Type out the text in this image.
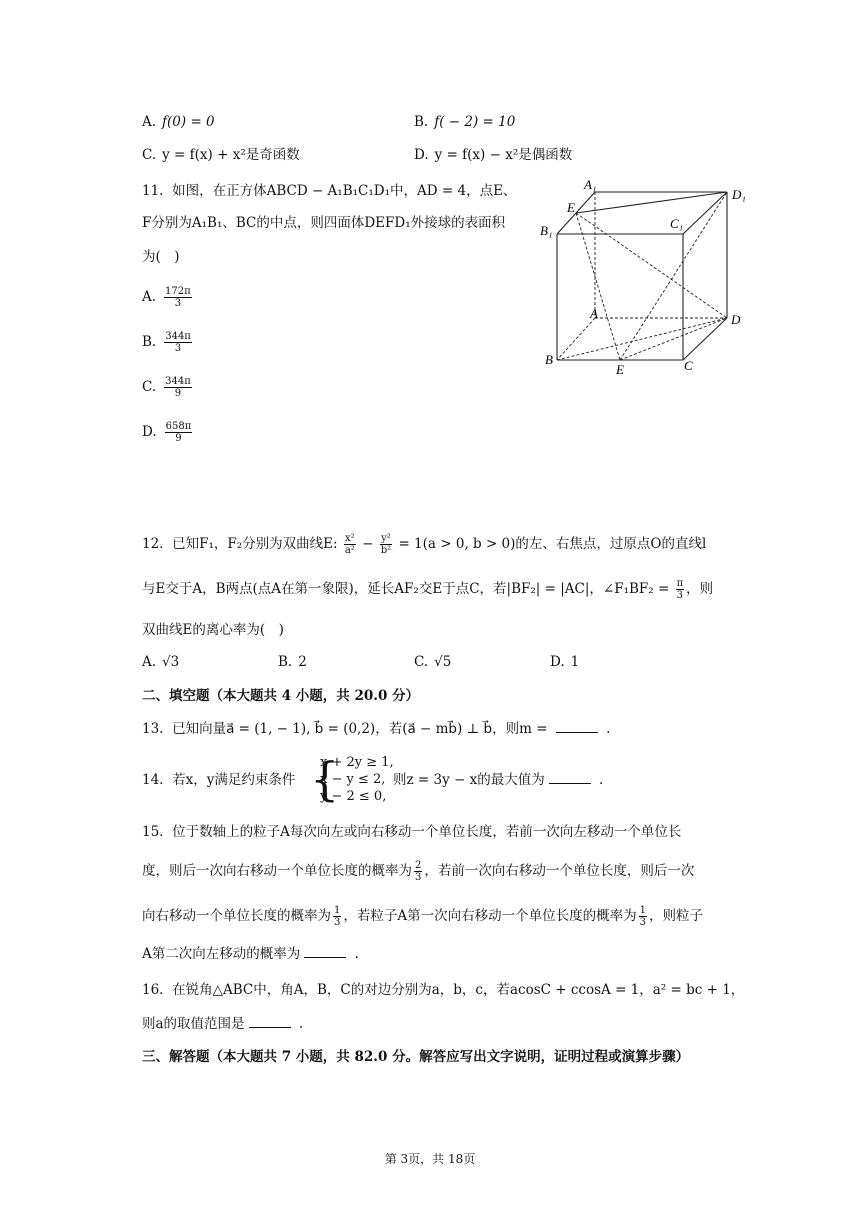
A. f(0) = 0	B. f( − 2) = 10
C. y = f(x) + x²是奇函数	D. y = f(x) − x²是偶函数
11. 如图，在正方体ABCD − A₁B₁C₁D₁中，AD = 4，点E、
F分别为A₁B₁、BC的中点，则四面体DEFD₁外接球的表面积
为(　)
A. $\frac{172\pi}{3}$
B. $\frac{344\pi}{3}$
C. $\frac{344\pi}{9}$
D. $\frac{658\pi}{9}$
A₁
D₁
E
B₁	C₁
A	D
B
E	C
12. 已知F₁，F₂分别为双曲线E: $\frac{\text{x²}}{\text{a²}} - \frac{\text{y²}}{\text{b²}} = 1(a > 0$, b > 0)的左、右焦点，过原点O的直线l
与E交于A，B两点(点A在第一象限)，延长AF₂交E于点C，若|BF₂| = |AC|，∠F₁BF₂ = $\frac{\pi}{3}$ ，则
双曲线E的离心率为(　)
A. √3	B. 2	C. √5	D. 1
二、填空题（本大题共 4 小题，共 20.0 分）
13. 已知向量a⃗ = (1, − 1), b⃗ = (0,2)，若(a⃗ − mb⃗) ⊥ b⃗，则m =	.
14. 若x，y满足约束条件 {
x + 2y ≥ 1,
x − y ≤ 2,
y − 2 ≤ 0,
则z = 3y − x的最大值为	.
15. 位于数轴上的粒子A每次向左或向右移动一个单位长度，若前一次向左移动一个单位长
度，则后一次向右移动一个单位长度的概率为 $\frac{2}{3}$ ，若前一次向右移动一个单位长度，则后一次
向右移动一个单位长度的概率为 $\frac{1}{3}$ ，若粒子A第一次向右移动一个单位长度的概率为 $\frac{1}{3}$ ，则粒子
A第二次向左移动的概率为	.
16. 在锐角△ABC中，角A，B，C的对边分别为a，b，c，若acosC + ccosA = 1，a² = bc + 1，
则a的取值范围是	.
三、解答题（本大题共 7 小题，共 82.0 分。解答应写出文字说明，证明过程或演算步骤）
第 3页，共 18页
